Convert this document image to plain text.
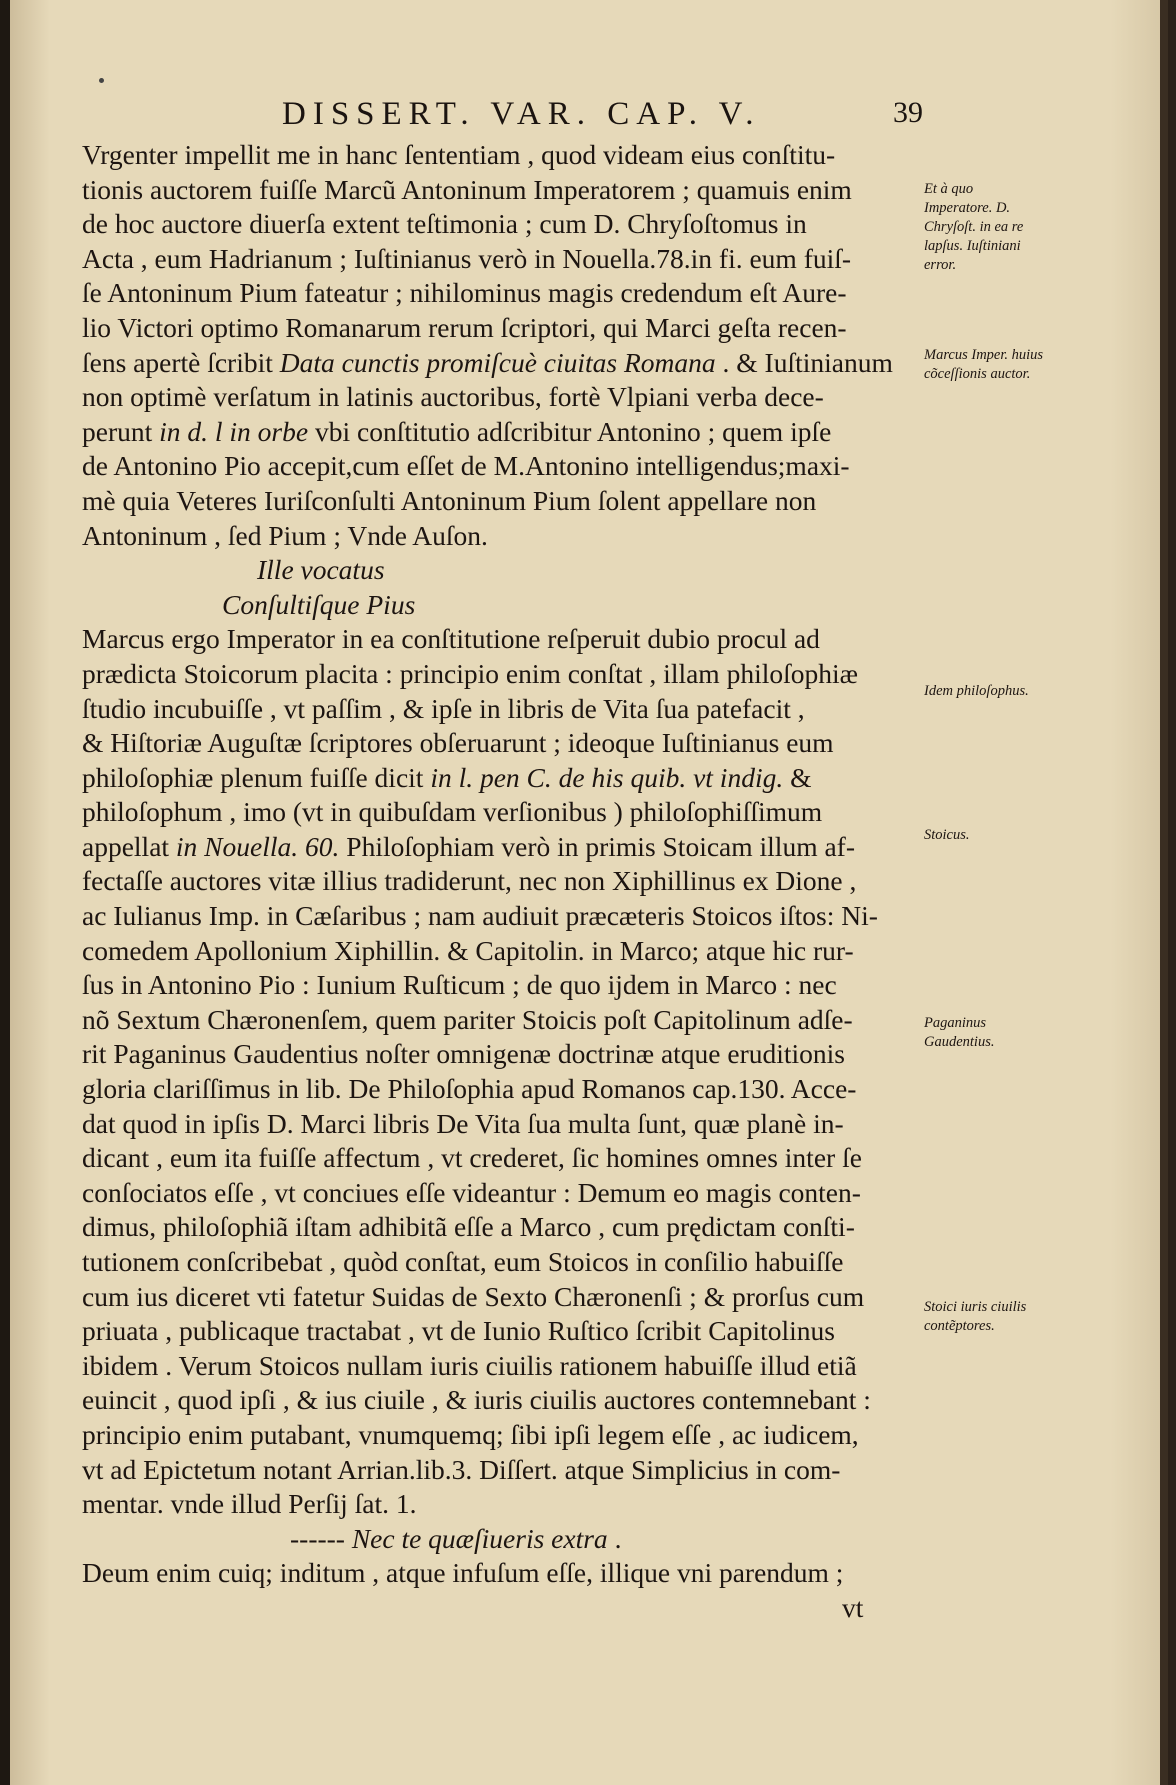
DISSERT. VAR. CAP. V.	39
Vrgenter impellit me in hanc ſententiam , quod videam eius conſtitu-
tionis auctorem fuiſſe Marcũ Antoninum Imperatorem ; quamuis enim
de hoc auctore diuerſa extent teſtimonia ; cum D. Chryſoſtomus in
Acta , eum Hadrianum ; Iuſtinianus verò in Nouella.78.in fi. eum fuiſ-
ſe Antoninum Pium fateatur ; nihilominus magis credendum eſt Aure-
lio Victori optimo Romanarum rerum ſcriptori, qui Marci geſta recen-
ſens apertè ſcribit Data cunctis promiſcuè ciuitas Romana . & Iuſtinianum
non optimè verſatum in latinis auctoribus, fortè Vlpiani verba dece-
perunt in d. l in orbe vbi conſtitutio adſcribitur Antonino ; quem ipſe
de Antonino Pio accepit,cum eſſet de M.Antonino intelligendus;maxi-
mè quia Veteres Iuriſconſulti Antoninum Pium ſolent appellare non
Antoninum , ſed Pium ; Vnde Auſon.
Ille vocatus
Conſultiſque Pius
Marcus ergo Imperator in ea conſtitutione reſperuit dubio procul ad
prædicta Stoicorum placita : principio enim conſtat , illam philoſophiæ
ſtudio incubuiſſe , vt paſſim , & ipſe in libris de Vita ſua patefacit ,
& Hiſtoriæ Auguſtæ ſcriptores obſeruarunt ; ideoque Iuſtinianus eum
philoſophiæ plenum fuiſſe dicit in l. pen C. de his quib. vt indig. &
philoſophum , imo (vt in quibuſdam verſionibus ) philoſophiſſimum
appellat in Nouella. 60. Philoſophiam verò in primis Stoicam illum af-
fectaſſe auctores vitæ illius tradiderunt, nec non Xiphillinus ex Dione ,
ac Iulianus Imp. in Cæſaribus ; nam audiuit præcæteris Stoicos iſtos: Ni-
comedem Apollonium Xiphillin. & Capitolin. in Marco; atque hic rur-
ſus in Antonino Pio : Iunium Ruſticum ; de quo ijdem in Marco : nec
nõ Sextum Chæronenſem, quem pariter Stoicis poſt Capitolinum adſe-
rit Paganinus Gaudentius noſter omnigenæ doctrinæ atque eruditionis
gloria clariſſimus in lib. De Philoſophia apud Romanos cap.130. Acce-
dat quod in ipſis D. Marci libris De Vita ſua multa ſunt, quæ planè in-
dicant , eum ita fuiſſe affectum , vt crederet, ſic homines omnes inter ſe
conſociatos eſſe , vt conciues eſſe videantur : Demum eo magis conten-
dimus, philoſophiã iſtam adhibitã eſſe a Marco , cum prędictam conſti-
tutionem conſcribebat , quòd conſtat, eum Stoicos in conſilio habuiſſe
cum ius diceret vti fatetur Suidas de Sexto Chæronenſi ; & prorſus cum
priuata , publicaque tractabat , vt de Iunio Ruſtico ſcribit Capitolinus
ibidem . Verum Stoicos nullam iuris ciuilis rationem habuiſſe illud etiã
euincit , quod ipſi , & ius ciuile , & iuris ciuilis auctores contemnebant :
principio enim putabant, vnumquemq; ſibi ipſi legem eſſe , ac iudicem,
vt ad Epictetum notant Arrian.lib.3. Diſſert. atque Simplicius in com-
mentar. vnde illud Perſij ſat. 1.
------ Nec te quæſiueris extra .
Deum enim cuiq; inditum , atque infuſum eſſe, illique vni parendum ;
vt
Et à quo Imperatore. D. Chryſoſt. in ea re lapſus. Iuſtiniani error.
Marcus Imper. huius cõceſſionis auctor.
Idem philoſophus.
Stoicus.
Paganinus Gaudentius.
Stoici iuris ciuilis contẽptores.
